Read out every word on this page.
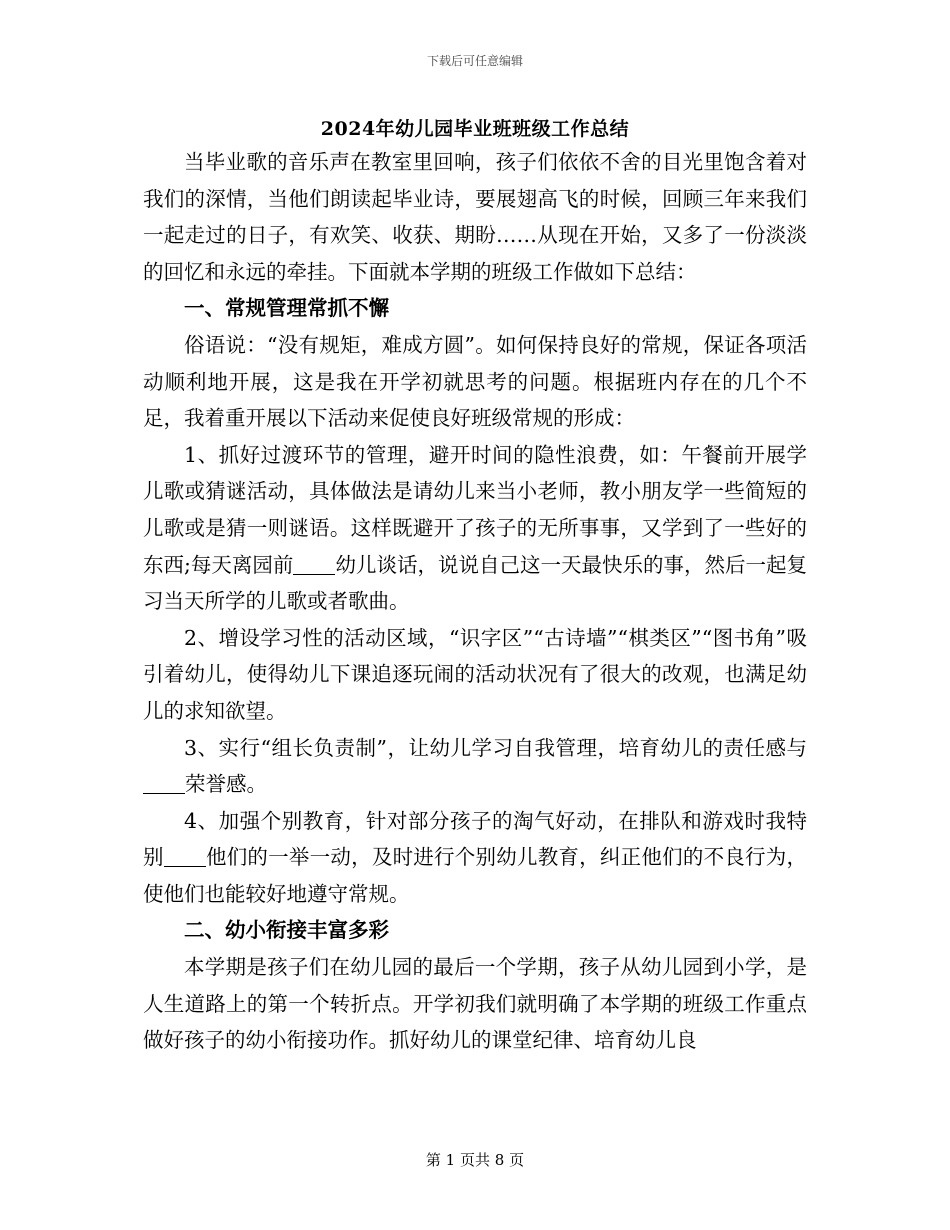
下载后可任意编辑
2024年幼儿园毕业班班级工作总结

当毕业歌的音乐声在教室里回响，孩子们依依不舍的目光里饱含着对我们的深情，当他们朗读起毕业诗，要展翅高飞的时候，回顾三年来我们一起走过的日子，有欢笑、收获、期盼……从现在开始，又多了一份淡淡的回忆和永远的牵挂。下面就本学期的班级工作做如下总结：

一、常规管理常抓不懈

俗语说：“没有规矩，难成方圆”。如何保持良好的常规，保证各项活动顺利地开展，这是我在开学初就思考的问题。根据班内存在的几个不足，我着重开展以下活动来促使良好班级常规的形成：

1、抓好过渡环节的管理，避开时间的隐性浪费，如：午餐前开展学儿歌或猜谜活动，具体做法是请幼儿来当小老师，教小朋友学一些简短的儿歌或是猜一则谜语。这样既避开了孩子的无所事事，又学到了一些好的东西;每天离园前 幼儿谈话，说说自己这一天最快乐的事，然后一起复习当天所学的儿歌或者歌曲。

2、增设学习性的活动区域，“识字区”“古诗墙”“棋类区”“图书角”吸引着幼儿，使得幼儿下课追逐玩闹的活动状况有了很大的改观，也满足幼儿的求知欲望。

3、实行“组长负责制”，让幼儿学习自我管理，培育幼儿的责任感与荣誉感。

4、加强个别教育，针对部分孩子的淘气好动，在排队和游戏时我特别 他们的一举一动，及时进行个别幼儿教育，纠正他们的不良行为，使他们也能较好地遵守常规。

二、幼小衔接丰富多彩

本学期是孩子们在幼儿园的最后一个学期，孩子从幼儿园到小学，是人生道路上的第一个转折点。开学初我们就明确了本学期的班级工作重点做好孩子的幼小衔接功作。抓好幼儿的课堂纪律、培育幼儿良

第 1 页共 8 页
